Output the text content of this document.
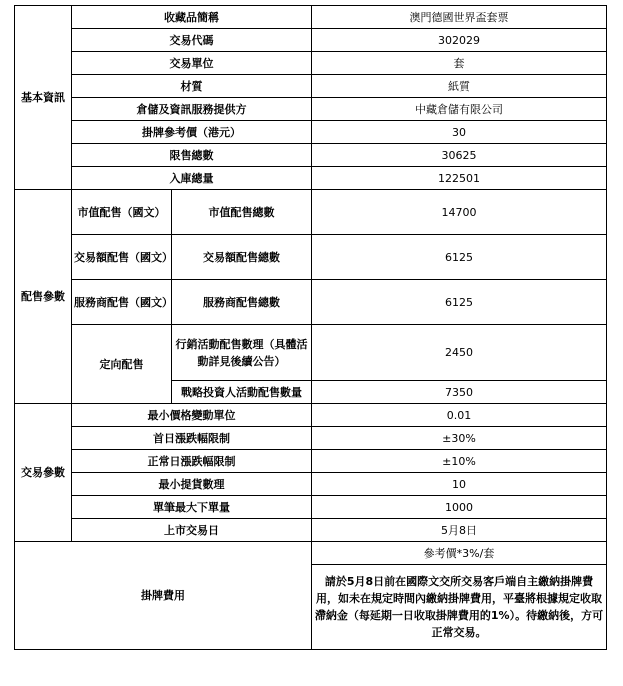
基本資訊	收藏品簡稱		澳門德國世界盃套票
	交易代碼		302029
	交易單位		套
	材質		紙質
	倉儲及資訊服務提供方		中藏倉儲有限公司
	掛牌參考價（港元）		30
	限售總數		30625
	入庫總量		122501
配售參數	市值配售（國文）	市值配售總數	14700
	交易額配售（國文）	交易額配售總數	6125
	服務商配售（國文）	服務商配售總數	6125
	定向配售	行銷活動配售數理（具體活動詳見後續公告）	2450
		戰略投資人活動配售數量	7350
交易參數	最小價格變動單位		0.01
	首日漲跌幅限制		±30%
	正常日漲跌幅限制		±10%
	最小提貨數理		10
	單筆最大下單量		1000
	上市交易日		5月8日
掛牌費用			參考價*3%/套
			請於5月8日前在國際文交所交易客戶端自主繳納掛牌費用，如未在規定時間內繳納掛牌費用，平臺將根據規定收取滯納金（每延期一日收取掛牌費用的1%）。待繳納後，方可正常交易。
